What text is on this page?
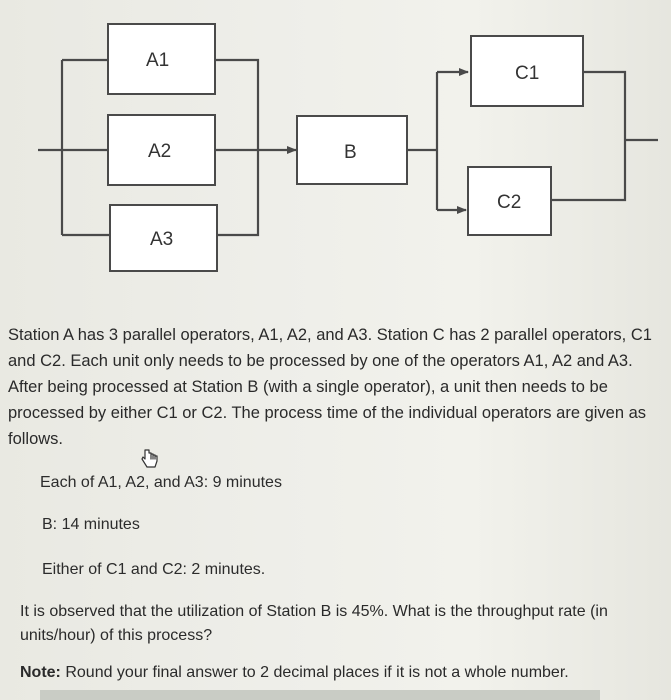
A1
A2
A3
B
C1
C2

Station A has 3 parallel operators, A1, A2, and A3. Station C has 2 parallel operators, C1 and C2. Each unit only needs to be processed by one of the operators A1, A2 and A3. After being processed at Station B (with a single operator), a unit then needs to be processed by either C1 or C2. The process time of the individual operators are given as follows.

Each of A1, A2, and A3: 9 minutes

B: 14 minutes

Either of C1 and C2: 2 minutes.

It is observed that the utilization of Station B is 45%. What is the throughput rate (in units/hour) of this process?

Note: Round your final answer to 2 decimal places if it is not a whole number.
